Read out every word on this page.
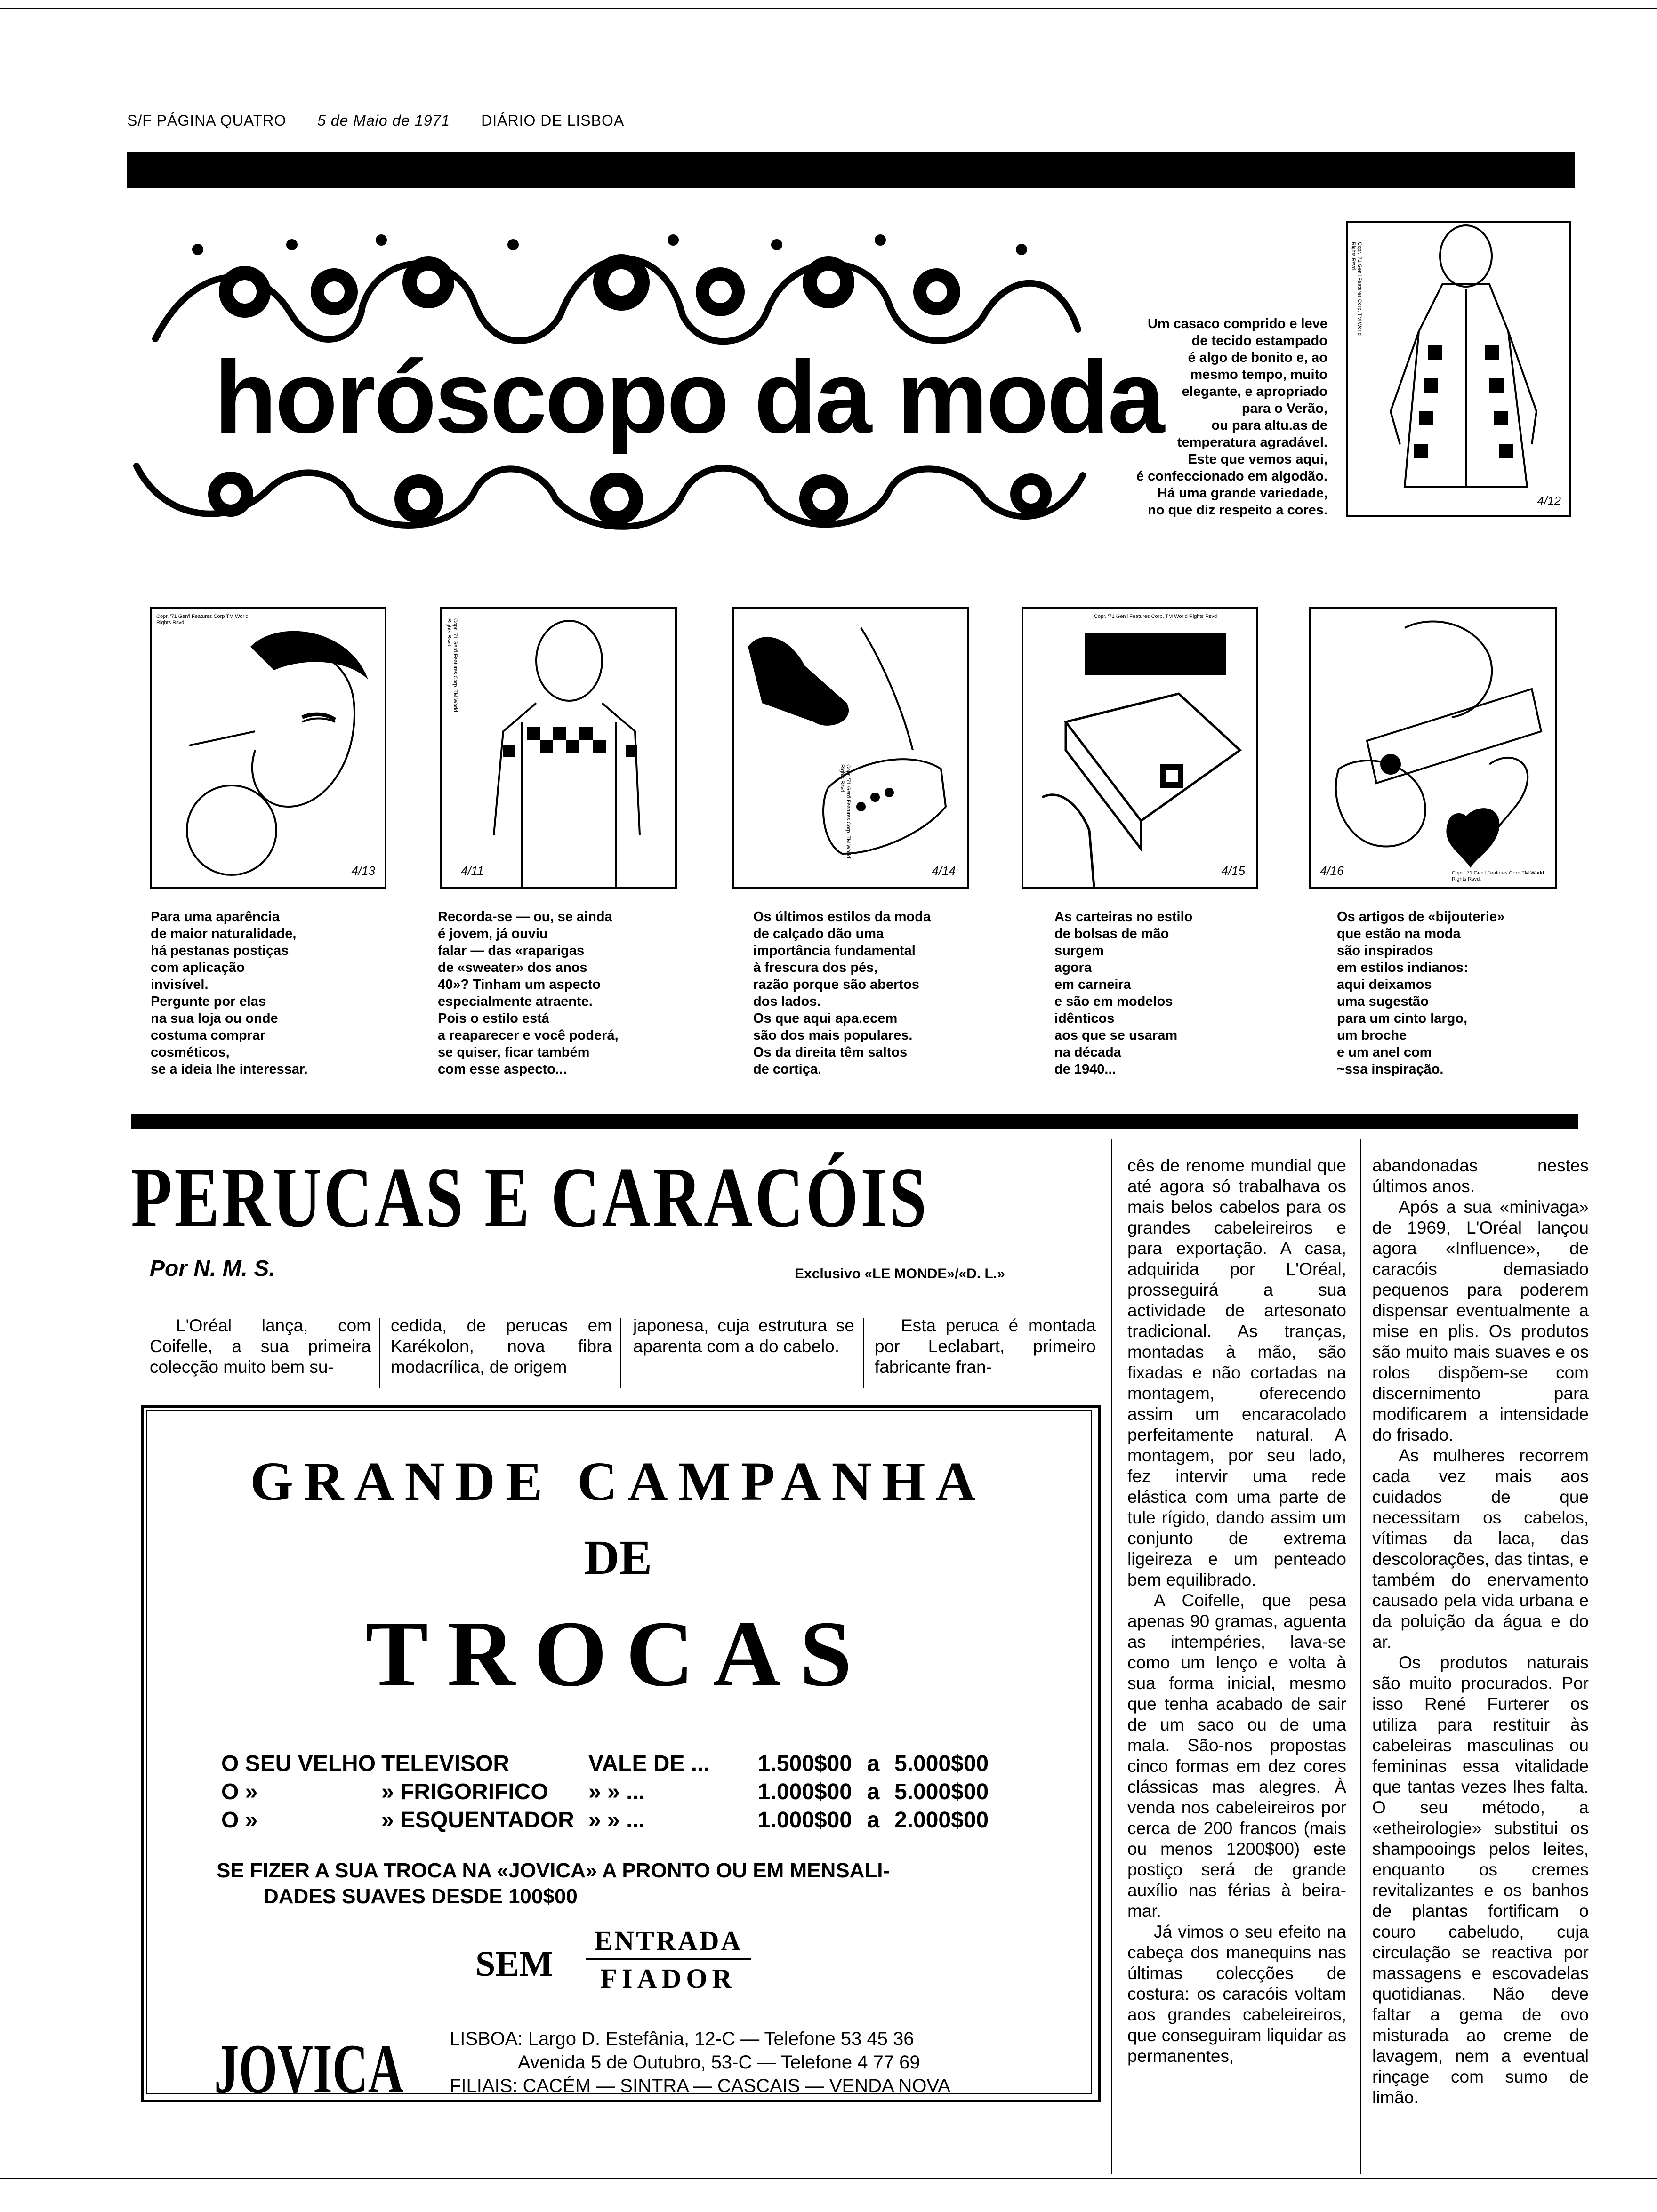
S/F PÁGINA QUATRO 5 de Maio de 1971 DIÁRIO DE LISBOA
horóscopo da moda
Um casaco comprido e leve
de tecido estampado
é algo de bonito e, ao
mesmo tempo, muito
elegante, e apropriado
para o Verão,
ou para altu.as de
temperatura agradável.
Este que vemos aqui,
é confeccionado em algodão.
Há uma grande variedade,
no que diz respeito a cores.
Copr. '71 Gen'l Features Corp. TM World Rights Rsvd.
4/12
Copr. '71 Gen'l Features Corp TM World Rights Rsvd
4/13
Copr. '71 Gen'l Features Corp. TM World Rights Rsvd.
4/11
Copr. '71 Gen'l Features Corp. TM World Rights Rsvd.
4/14
Copr. '71 Gen'l Features Corp. TM World Rights Rsvd
4/15	Copr. '71 Gen'l Features Corp TM World Rights Rsvd.
4/16
Para uma aparência
de maior naturalidade,
há pestanas postiças
com aplicação
invisível.
Pergunte por elas
na sua loja ou onde
costuma comprar
cosméticos,
se a ideia lhe interessar.
Recorda-se — ou, se ainda
é jovem, já ouviu
falar — das «raparigas
de «sweater» dos anos
40»? Tinham um aspecto
especialmente atraente.
Pois o estilo está
a reaparecer e você poderá,
se quiser, ficar também
com esse aspecto...
Os últimos estilos da moda
de calçado dão uma
importância fundamental
à frescura dos pés,
razão porque são abertos
dos lados.
Os que aqui apa.ecem
são dos mais populares.
Os da direita têm saltos
de cortiça.
As carteiras no estilo
de bolsas de mão
surgem
agora
em carneira
e são em modelos
idênticos
aos que se usaram
na década
de 1940...
Os artigos de «bijouterie»
que estão na moda
são inspirados
em estilos indianos:
aqui deixamos
uma sugestão
para um cinto largo,
um broche
e um anel com
~ssa inspiração.
PERUCAS E CARACÓIS
Por N. M. S.	Exclusivo «LE MONDE»/«D. L.»

L'Oréal lança, com Coifelle, a sua primeira colecção muito bem su-

cedida, de perucas em Karékolon, nova fibra modacrílica, de origem

japonesa, cuja estrutura se aparenta com a do cabelo.

Esta peruca é montada por Leclabart, primeiro fabricante fran-

cês de renome mundial que até agora só trabalhava os mais belos cabelos para os grandes cabeleireiros e para exportação. A casa, adquirida por L'Oréal, prosseguirá a sua actividade de artesonato tradicional. As tranças, montadas à mão, são fixadas e não cortadas na montagem, oferecendo assim um encaracolado perfeitamente natural. A montagem, por seu lado, fez intervir uma rede elástica com uma parte de tule rígido, dando assim um conjunto de extrema ligeireza e um penteado bem equilibrado.

A Coifelle, que pesa apenas 90 gramas, aguenta as intempéries, lava-se como um lenço e volta à sua forma inicial, mesmo que tenha acabado de sair de um saco ou de uma mala. São-nos propostas cinco formas em dez cores clássicas mas alegres. À venda nos cabeleireiros por cerca de 200 francos (mais ou menos 1200$00) este postiço será de grande auxílio nas férias à beira-mar.

Já vimos o seu efeito na cabeça dos manequins nas últimas colecções de costura: os caracóis voltam aos grandes cabeleireiros, que conseguiram liquidar as permanentes,

abandonadas nestes últimos anos.

Após a sua «minivaga» de 1969, L'Oréal lançou agora «Influence», de caracóis demasiado pequenos para poderem dispensar eventualmente a mise en plis. Os produtos são muito mais suaves e os rolos dispõem-se com discernimento para modificarem a intensidade do frisado.

As mulheres recorrem cada vez mais aos cuidados de que necessitam os cabelos, vítimas da laca, das descolorações, das tintas, e também do enervamento causado pela vida urbana e da poluição da água e do ar.

Os produtos naturais são muito procurados. Por isso René Furterer os utiliza para restituir às cabeleiras masculinas ou femininas essa vitalidade que tantas vezes lhes falta. O seu método, a «etheirologie» substitui os shampooings pelos leites, enquanto os cremes revitalizantes e os banhos de plantas fortificam o couro cabeludo, cuja circulação se reactiva por massagens e escovadelas quotidianas. Não deve faltar a gema de ovo misturada ao creme de lavagem, nem a eventual rinçage com sumo de limão.

GRANDE CAMPANHA
DE
TROCAS
O SEU VELHO TELEVISOR	VALE DE ... 1.500$00 a 5.000$00
O »	» FRIGORIFICO » » ...	1.000$00 a 5.000$00
O »	» ESQUENTADOR » » ...	1.000$00 a 2.000$00
SE FIZER A SUA TROCA NA «JOVICA» A PRONTO OU EM MENSALI-
DADES SUAVES DESDE 100$00
SEM
ENTRADA
FIADOR
JOVICA LISBOA: Largo D. Estefânia, 12-C — Telefone 53 45 36
Avenida 5 de Outubro, 53-C — Telefone 4 77 69
FILIAIS: CACÉM — SINTRA — CASCAIS — VENDA NOVA
